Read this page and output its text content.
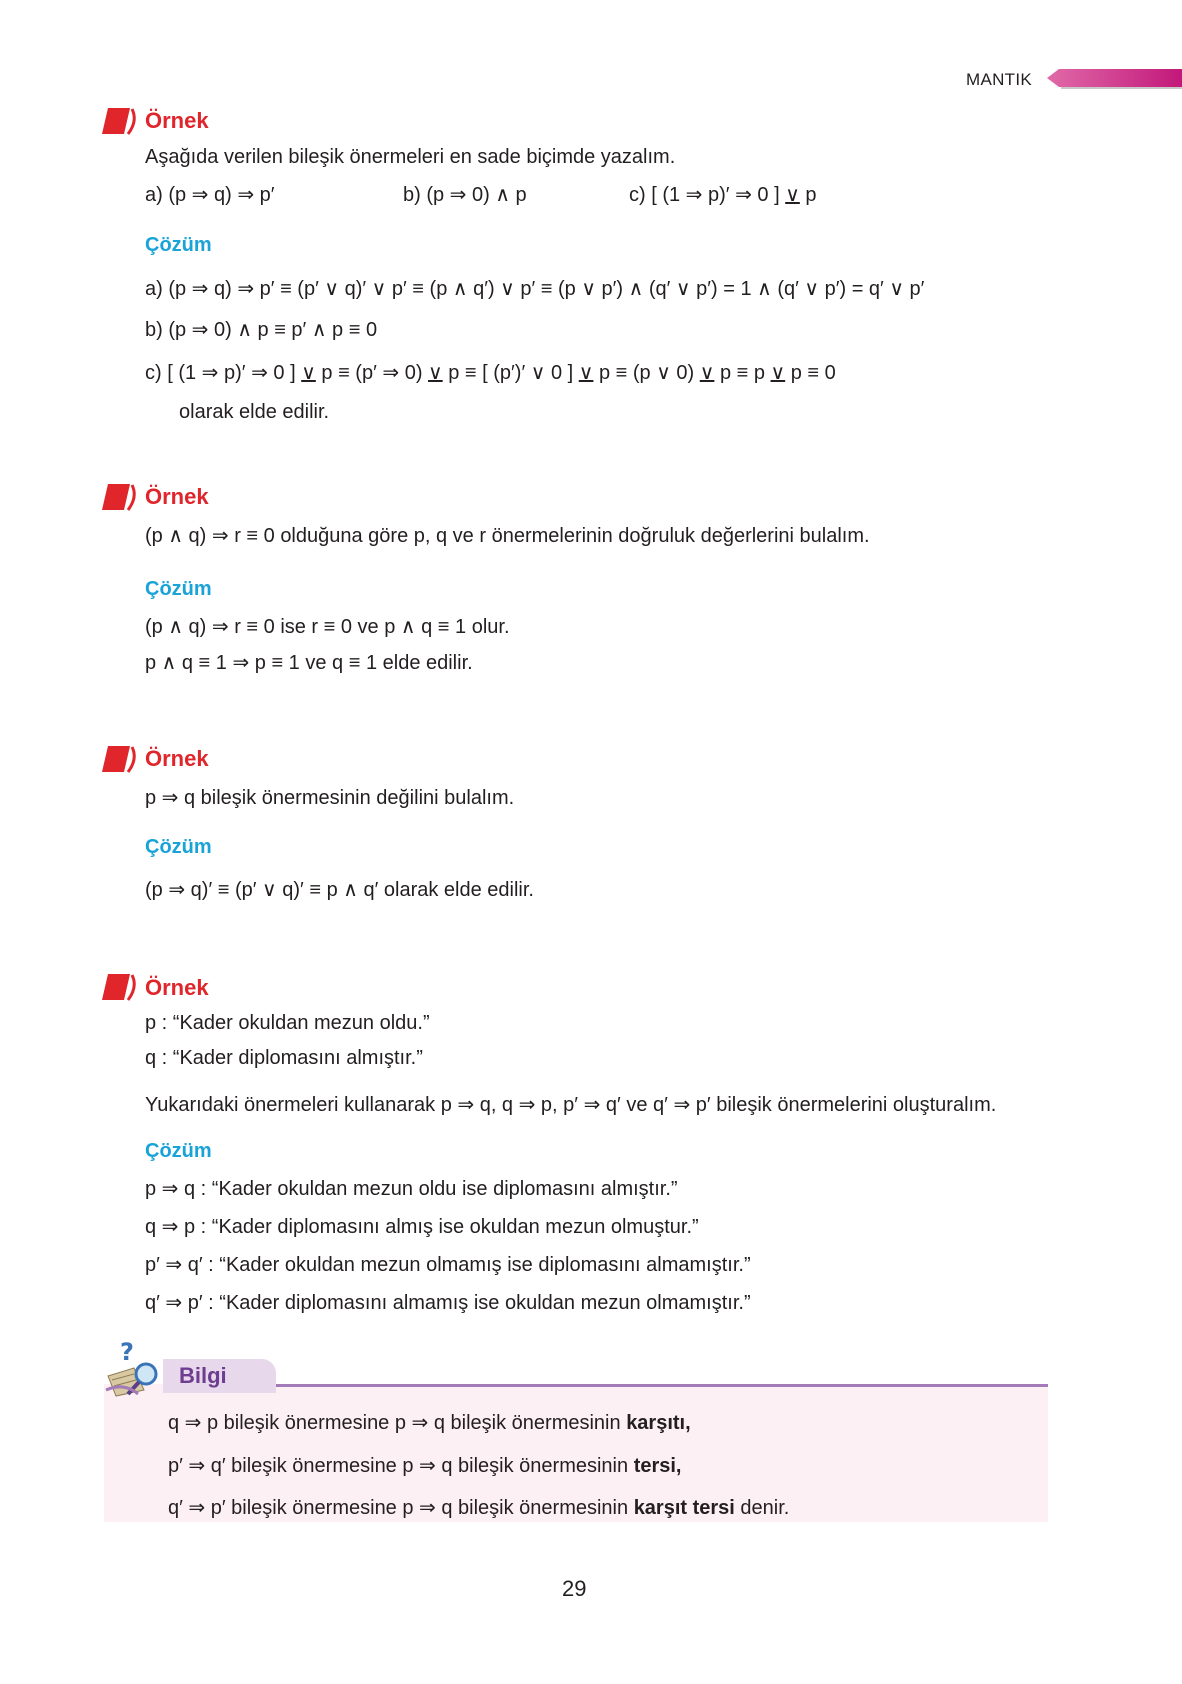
MANTIK
Örnek
Aşağıda verilen bileşik önermeleri en sade biçimde yazalım.
a) (p ⇒ q) ⇒ p′	b) (p ⇒ 0) ∧ p	c) [ (1 ⇒ p)′ ⇒ 0 ] ∨ p
Çözüm
a) (p ⇒ q) ⇒ p′ ≡ (p′ ∨ q)′ ∨ p′ ≡ (p ∧ q′) ∨ p′ ≡ (p ∨ p′) ∧ (q′ ∨ p′) = 1 ∧ (q′ ∨ p′) = q′ ∨ p′
b) (p ⇒ 0) ∧ p ≡ p′ ∧ p ≡ 0
c) [ (1 ⇒ p)′ ⇒ 0 ] ∨ p ≡ (p′ ⇒ 0) ∨ p ≡ [ (p′)′ ∨ 0 ] ∨ p ≡ (p ∨ 0) ∨ p ≡ p ∨ p ≡ 0
olarak elde edilir.
Örnek
(p ∧ q) ⇒ r ≡ 0 olduğuna göre p, q ve r önermelerinin doğruluk değerlerini bulalım.
Çözüm
(p ∧ q) ⇒ r ≡ 0 ise r ≡ 0 ve p ∧ q ≡ 1 olur.
p ∧ q ≡ 1 ⇒ p ≡ 1 ve q ≡ 1 elde edilir.
Örnek
p ⇒ q bileşik önermesinin değilini bulalım.
Çözüm
(p ⇒ q)′ ≡ (p′ ∨ q)′ ≡ p ∧ q′ olarak elde edilir.
Örnek
p : “Kader okuldan mezun oldu.”
q : “Kader diplomasını almıştır.”
Yukarıdaki önermeleri kullanarak p ⇒ q, q ⇒ p, p′ ⇒ q′ ve q′ ⇒ p′ bileşik önermelerini oluşturalım.
Çözüm
p ⇒ q : “Kader okuldan mezun oldu ise diplomasını almıştır.”
q ⇒ p : “Kader diplomasını almış ise okuldan mezun olmuştur.”
p′ ⇒ q′ : “Kader okuldan mezun olmamış ise diplomasını almamıştır.”
q′ ⇒ p′ : “Kader diplomasını almamış ise okuldan mezun olmamıştır.”
?
Bilgi
q ⇒ p bileşik önermesine p ⇒ q bileşik önermesinin karşıtı,
p′ ⇒ q′ bileşik önermesine p ⇒ q bileşik önermesinin tersi,
q′ ⇒ p′ bileşik önermesine p ⇒ q bileşik önermesinin karşıt tersi denir.
29
